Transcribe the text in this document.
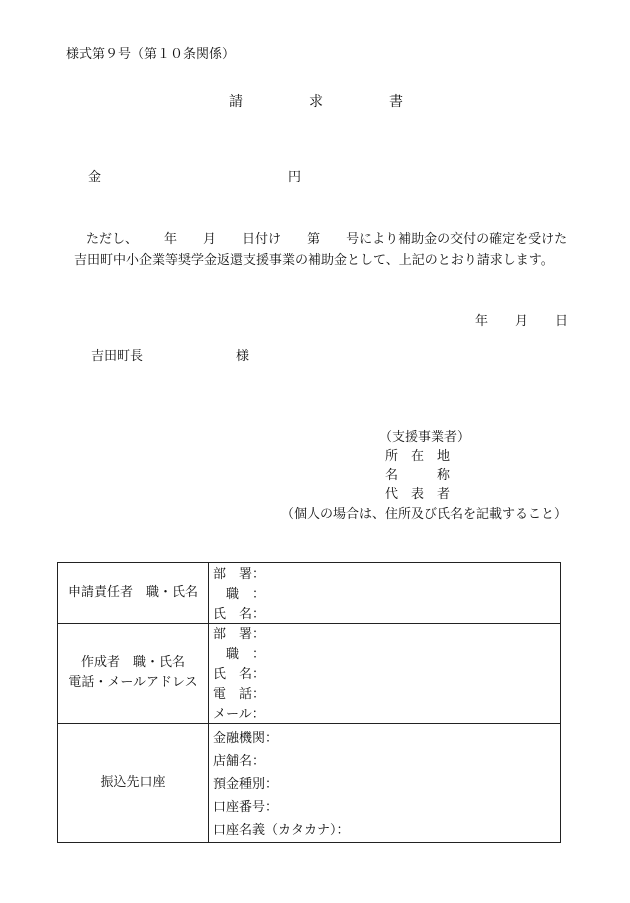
様式第９号（第１０条関係）
請	求	書
金	円
ただし、 年 月 日付け 第 号により補助金の交付の確定を受けた吉田町中小企業等奨学金返還支援事業の補助金として、上記のとおり請求します。
年 月 日
吉田町長	様
（支援事業者）
所　在　地
名　　　称
代　表　者
（個人の場合は、住所及び氏名を記載すること）
申請責任者　職・氏名
部　署：
　職　：
氏　名：
作成者　職・氏名
電話・メールアドレス
部　署：
　職　：
氏　名：
電　話：
メール：
振込先口座
金融機関：
店舗名：
預金種別：
口座番号：
口座名義（カタカナ）：
